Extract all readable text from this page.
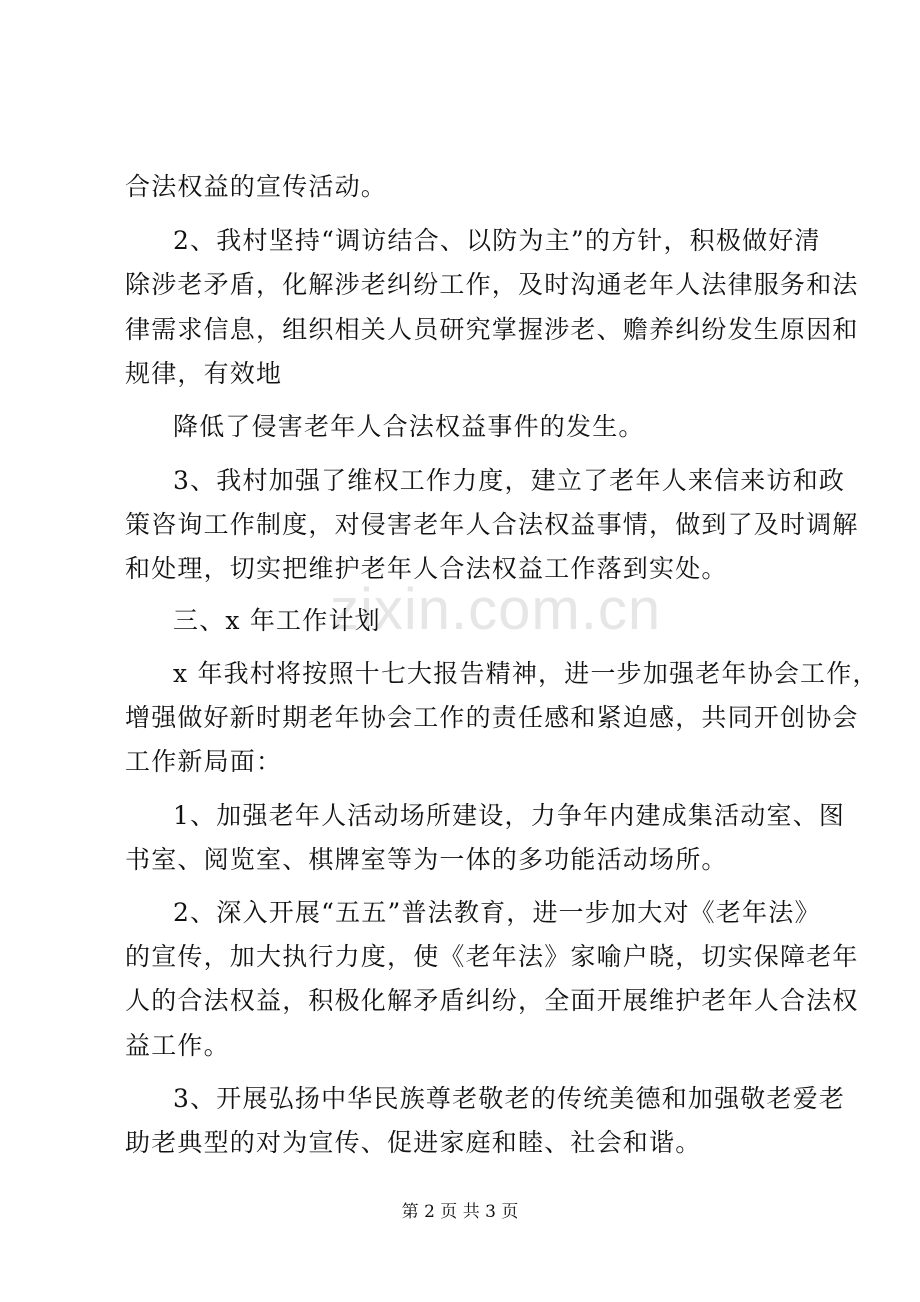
zixin.com.cn
合法权益的宣传活动。
2、我村坚持“调访结合、以防为主”的方针，积极做好清
除涉老矛盾，化解涉老纠纷工作，及时沟通老年人法律服务和法
律需求信息，组织相关人员研究掌握涉老、赡养纠纷发生原因和
规律，有效地
降低了侵害老年人合法权益事件的发生。
3、我村加强了维权工作力度，建立了老年人来信来访和政
策咨询工作制度，对侵害老年人合法权益事情，做到了及时调解
和处理，切实把维护老年人合法权益工作落到实处。
三、x 年工作计划
x 年我村将按照十七大报告精神，进一步加强老年协会工作，
增强做好新时期老年协会工作的责任感和紧迫感，共同开创协会
工作新局面：
1、加强老年人活动场所建设，力争年内建成集活动室、图
书室、阅览室、棋牌室等为一体的多功能活动场所。
2、深入开展“五五”普法教育，进一步加大对《老年法》
的宣传，加大执行力度，使《老年法》家喻户晓，切实保障老年
人的合法权益，积极化解矛盾纠纷，全面开展维护老年人合法权
益工作。
3、开展弘扬中华民族尊老敬老的传统美德和加强敬老爱老
助老典型的对为宣传、促进家庭和睦、社会和谐。
第 2 页 共 3 页
